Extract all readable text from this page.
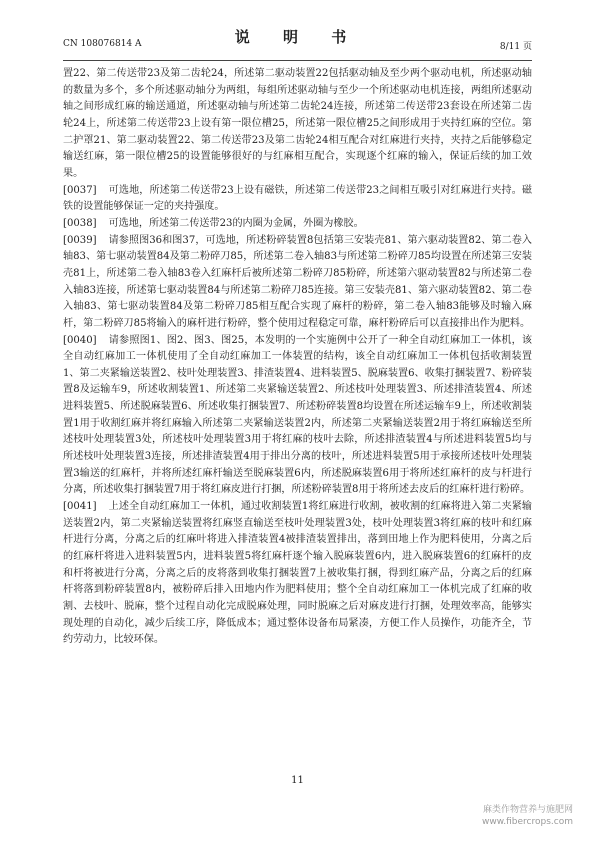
CN 108076814 A	说 明 书
8/11 页

置22、第二传送带23及第二齿轮24，所述第二驱动装置22包括驱动轴及至少两个驱动电机，所述驱动轴的数量为多个，多个所述驱动轴分为两组，每组所述驱动轴与至少一个所述驱动电机连接，两组所述驱动轴之间形成红麻的输送通道，所述驱动轴与所述第二齿轮24连接，所述第二传送带23套设在所述第二齿轮24上，所述第二传送带23上设有第一限位槽25，所述第一限位槽25之间形成用于夹持红麻的空位。第二护罩21、第二驱动装置22、第二传送带23及第二齿轮24相互配合对红麻进行夹持，夹持之后能够稳定输送红麻，第一限位槽25的设置能够很好的与红麻相互配合，实现逐个红麻的输入，保证后续的加工效果。

[0037] 可选地，所述第二传送带23上设有磁铁，所述第二传送带23之间相互吸引对红麻进行夹持。磁铁的设置能够保证一定的夹持强度。

[0038] 可选地，所述第二传送带23的内圈为金属，外圈为橡胶。

[0039] 请参照图36和图37，可选地，所述粉碎装置8包括第三安装壳81、第六驱动装置82、第二卷入轴83、第七驱动装置84及第二粉碎刀85，所述第二卷入轴83与所述第二粉碎刀85均设置在所述第三安装壳81上，所述第二卷入轴83卷入红麻杆后被所述第二粉碎刀85粉碎，所述第六驱动装置82与所述第二卷入轴83连接，所述第七驱动装置84与所述第二粉碎刀85连接。第三安装壳81、第六驱动装置82、第二卷入轴83、第七驱动装置84及第二粉碎刀85相互配合实现了麻杆的粉碎，第二卷入轴83能够及时输入麻杆，第二粉碎刀85将输入的麻杆进行粉碎，整个使用过程稳定可靠，麻杆粉碎后可以直接排出作为肥料。

[0040] 请参照图1、图2、图3、图25，本发明的一个实施例中公开了一种全自动红麻加工一体机，该全自动红麻加工一体机使用了全自动红麻加工一体装置的结构，该全自动红麻加工一体机包括收割装置1、第二夹紧输送装置2、枝叶处理装置3、排渣装置4、进料装置5、脱麻装置6、收集打捆装置7、粉碎装置8及运输车9，所述收割装置1、所述第二夹紧输送装置2、所述枝叶处理装置3、所述排渣装置4、所述进料装置5、所述脱麻装置6、所述收集打捆装置7、所述粉碎装置8均设置在所述运输车9上，所述收割装置1用于收割红麻并将红麻输入所述第二夹紧输送装置2内，所述第二夹紧输送装置2用于将红麻输送至所述枝叶处理装置3处，所述枝叶处理装置3用于将红麻的枝叶去除，所述排渣装置4与所述进料装置5均与所述枝叶处理装置3连接，所述排渣装置4用于排出分离的枝叶，所述进料装置5用于承接所述枝叶处理装置3输送的红麻杆，并将所述红麻杆输送至脱麻装置6内，所述脱麻装置6用于将所述红麻杆的皮与杆进行分离，所述收集打捆装置7用于将红麻皮进行打捆，所述粉碎装置8用于将所述去皮后的红麻杆进行粉碎。

[0041] 上述全自动红麻加工一体机，通过收割装置1将红麻进行收割，被收割的红麻将进入第二夹紧输送装置2内，第二夹紧输送装置将红麻竖直输送至枝叶处理装置3处，枝叶处理装置3将红麻的枝叶和红麻杆进行分离，分离之后的红麻叶将进入排渣装置4被排渣装置排出，落到田地上作为肥料使用，分离之后的红麻杆将进入进料装置5内，进料装置5将红麻杆逐个输入脱麻装置6内，进入脱麻装置6的红麻杆的皮和杆将被进行分离，分离之后的皮将落到收集打捆装置7上被收集打捆，得到红麻产品，分离之后的红麻杆将落到粉碎装置8内，被粉碎后排入田地内作为肥料使用；整个全自动红麻加工一体机完成了红麻的收割、去枝叶、脱麻，整个过程自动化完成脱麻处理，同时脱麻之后对麻皮进行打捆，处理效率高，能够实现处理的自动化，减少后续工序，降低成本；通过整体设备布局紧凑，方便工作人员操作，功能齐全，节约劳动力，比较环保。

11
麻类作物营养与施肥网
www.fibercrops.com
